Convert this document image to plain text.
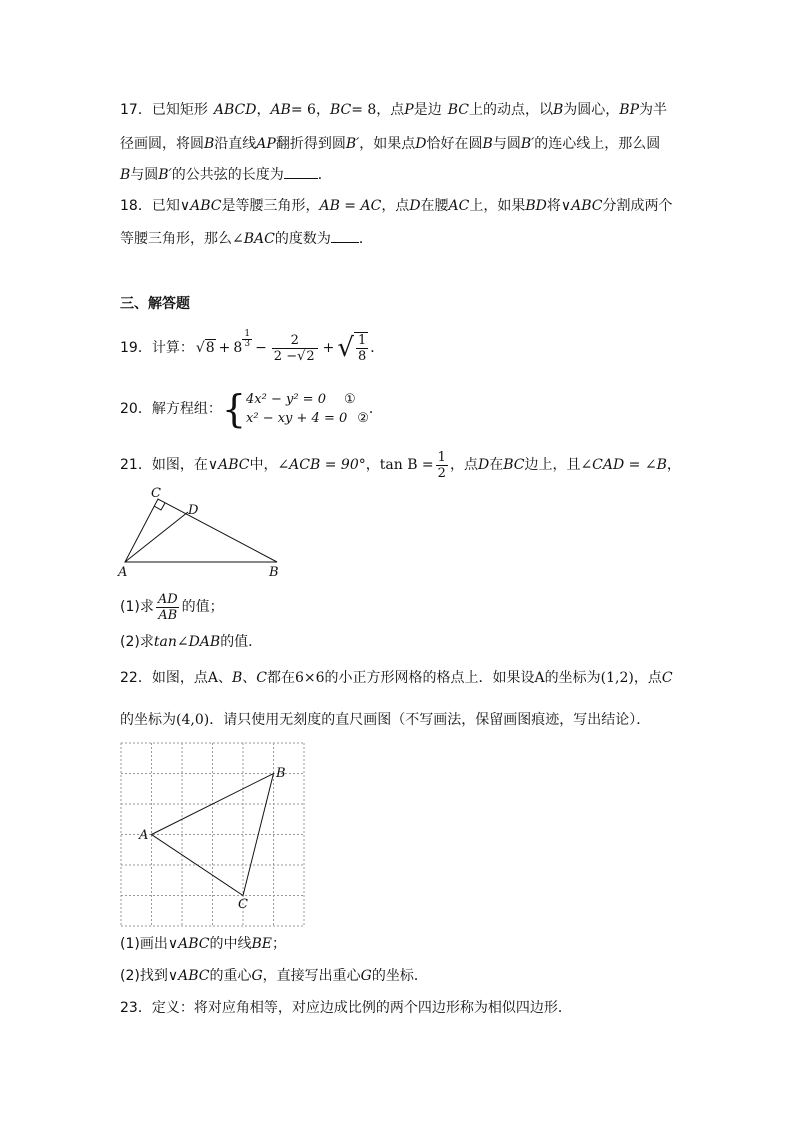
17．已知矩形 ABCD，AB= 6，BC= 8，点P是边 BC上的动点，以B为圆心，BP为半
径画圆，将圆B沿直线AP翻折得到圆B′，如果点D恰好在圆B与圆B′的连心线上，那么圆
B与圆B′的公共弦的长度为 ．
18．已知∨ABC是等腰三角形，AB = AC，点D在腰AC上，如果BD将∨ABC分割成两个
等腰三角形，那么∠BAC的度数为 ．
三、解答题
19．计算： $√8 + 8 \frac{1}{3} - \frac{2}{2 -√2}$ + √ $\frac{1}{8}$ ．
20．解方程组： { 4x² − y² = 0 ①
x² − xy + 4 = 0 ②
．
21．如图，在 ∨ ABC 中， ∠ACB = 90° ， $\tan B = \frac{1}{2}$ ，点 D 在 BC 边上，且 ∠CAD = ∠B ，
C
D
A	B
(1)求 $\frac{AD}{AB}$ 的值；
(2)求tan∠DAB的值．
22．如图，点A、B、C都在6×6的小正方形网格的格点上．如果设A的坐标为(1,2)，点C
的坐标为(4,0)．请只使用无刻度的直尺画图（不写画法，保留画图痕迹，写出结论）．
A
B
C
(1)画出∨ABC的中线BE；
(2)找到∨ABC的重心G，直接写出重心G的坐标．
23．定义：将对应角相等，对应边成比例的两个四边形称为相似四边形．
